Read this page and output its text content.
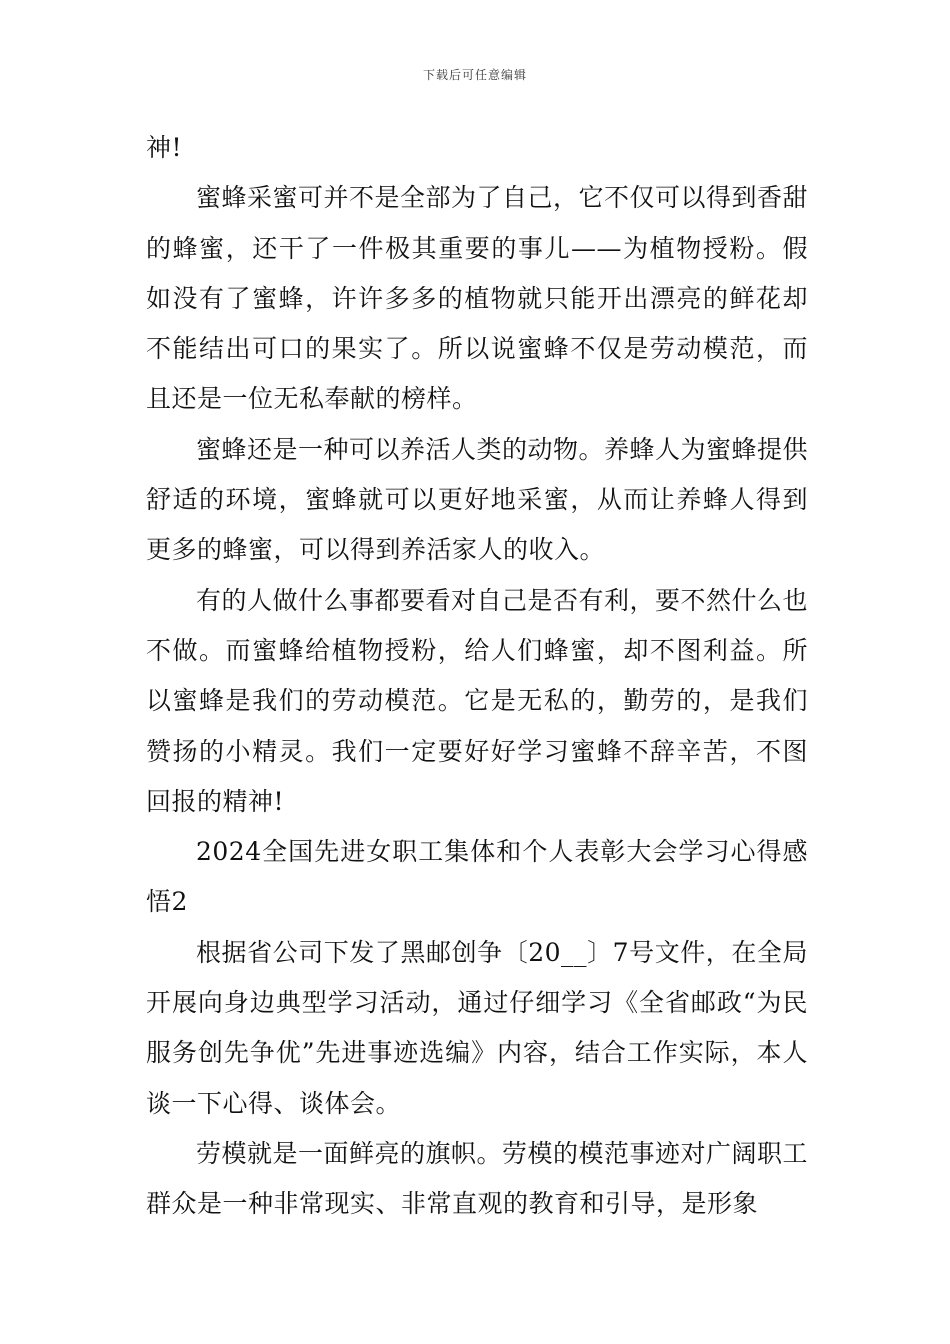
下载后可任意编辑

神!

蜜蜂采蜜可并不是全部为了自己，它不仅可以得到香甜的蜂蜜，还干了一件极其重要的事儿——为植物授粉。假如没有了蜜蜂，许许多多的植物就只能开出漂亮的鲜花却不能结出可口的果实了。所以说蜜蜂不仅是劳动模范，而且还是一位无私奉献的榜样。

蜜蜂还是一种可以养活人类的动物。养蜂人为蜜蜂提供舒适的环境，蜜蜂就可以更好地采蜜，从而让养蜂人得到更多的蜂蜜，可以得到养活家人的收入。

有的人做什么事都要看对自己是否有利，要不然什么也不做。而蜜蜂给植物授粉，给人们蜂蜜，却不图利益。所以蜜蜂是我们的劳动模范。它是无私的，勤劳的，是我们赞扬的小精灵。我们一定要好好学习蜜蜂不辞辛苦，不图回报的精神!

2024全国先进女职工集体和个人表彰大会学习心得感悟2

根据省公司下发了黑邮创争〔20__〕7号文件，在全局开展向身边典型学习活动，通过仔细学习《全省邮政“为民服务创先争优”先进事迹选编》内容，结合工作实际，本人谈一下心得、谈体会。

劳模就是一面鲜亮的旗帜。劳模的模范事迹对广阔职工群众是一种非常现实、非常直观的教育和引导，是形象
